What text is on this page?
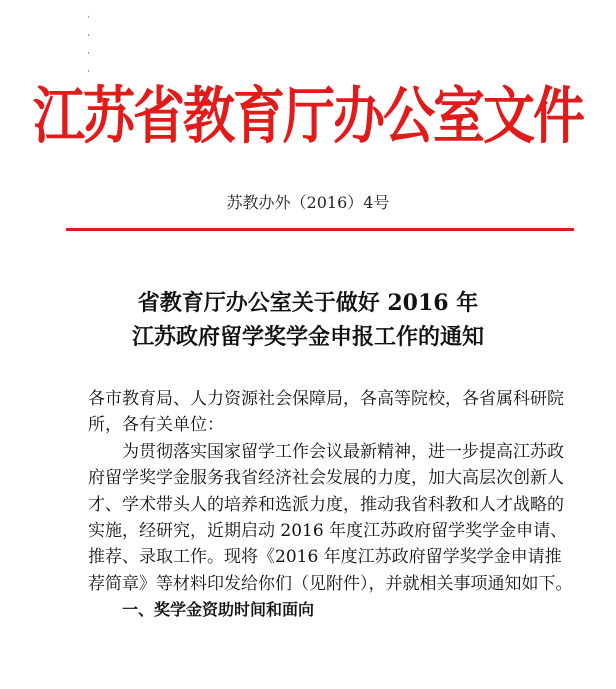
ˌ
ˌ
ˌ
ˌ
江苏省教育厅办公室文件
苏教办外（2016）4号
省教育厅办公室关于做好 2016 年
江苏政府留学奖学金申报工作的通知
各市教育局、人力资源社会保障局，各高等院校，各省属科研院
所，各有关单位：
为贯彻落实国家留学工作会议最新精神，进一步提高江苏政
府留学奖学金服务我省经济社会发展的力度，加大高层次创新人
才、学术带头人的培养和选派力度，推动我省科教和人才战略的
实施，经研究，近期启动 2016 年度江苏政府留学奖学金申请、
推荐、录取工作。现将《2016 年度江苏政府留学奖学金申请推
荐简章》等材料印发给你们（见附件），并就相关事项通知如下。
一、奖学金资助时间和面向
